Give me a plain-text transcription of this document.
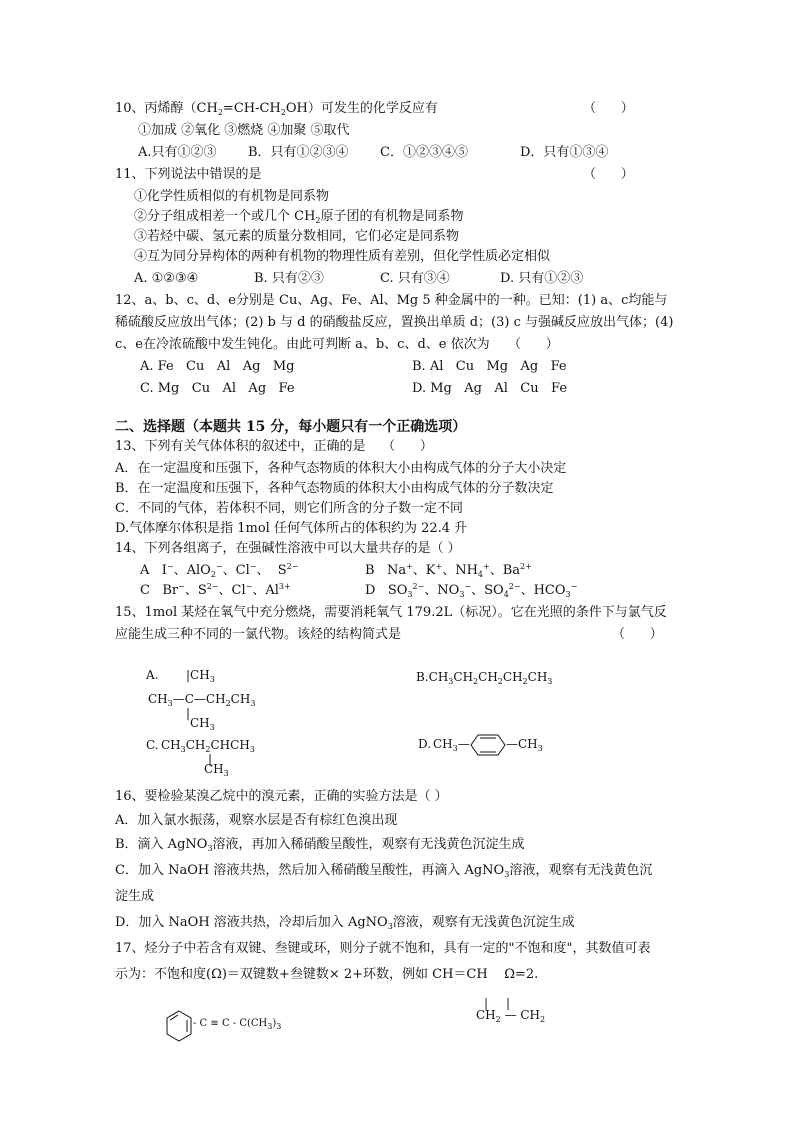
10、丙烯醇$(CH_2=CH-CH_2OH)$可发生的化学反应有	（      ）
①加成 ②氧化 ③燃烧 ④加聚 ⑤取代
A.只有①②③ B．只有①②③④ C．①②③④⑤	D．只有①③④
11、下列说法中错误的是	（      ）
①化学性质相似的有机物是同系物
②分子组成相差一个或几个 $CH_2$原子团的有机物是同系物
③若烃中碳、氢元素的质量分数相同，它们必定是同系物
④互为同分异构体的两种有机物的物理性质有差别，但化学性质必定相似
A. ①②③④	B. 只有②③	C. 只有③④	D. 只有①②③
12、a、b、c、d、e分别是 Cu、Ag、Fe、Al、Mg 5 种金属中的一种。已知：(1) a、c均能与
稀硫酸反应放出气体；(2) b 与 d 的硝酸盐反应，置换出单质 d；(3) c 与强碱反应放出气体；(4)
c、e在冷浓硫酸中发生钝化。由此可判断 a、b、c、d、e 依次为 （      ）
A. Fe   Cu   Al   Ag   Mg	B. Al   Cu   Mg   Ag   Fe
C. Mg   Cu   Al   Ag   Fe	D. Mg   Ag   Al   Cu   Fe
二、选择题（本题共 15 分，每小题只有一个正确选项）
13、下列有关气体体积的叙述中，正确的是    （      ）
A．在一定温度和压强下，各种气态物质的体积大小由构成气体的分子大小决定
B．在一定温度和压强下，各种气态物质的体积大小由构成气体的分子数决定
C．不同的气体，若体积不同，则它们所含的分子数一定不同
D.气体摩尔体积是指 1mol 任何气体所占的体积约为 22.4 升
14、下列各组离子，在强碱性溶液中可以大量共存的是（ ）
A   I−、AlO$_2$−、Cl−、  $S^{2-}$	B   Na+、K+、$NH_4^+$、$Ba^{2+}$
C   Br−、$S^{2-}$、Cl−、$Al^{3+}$	D   $SO_3^{2-}$、$NO_3^-$、$SO_4^{2-}$、$HCO_3^-$
15、1mol 某烃在氧气中充分燃烧，需要消耗氧气 179.2L（标况）。它在光照的条件下与氯气反
应能生成三种不同的一氯代物。该烃的结构简式是	（      ）
A. $|CH_3$
$CH_3—C—CH_2CH_3$
|
$CH_3$
$B.CH_3CH_2CH_2CH_2CH_3$
C. $CH_3CH_2CHCH_3$
|
$CH_3$
D. $CH_3—$	$—CH_3$
16、要检验某溴乙烷中的溴元素，正确的实验方法是（ ）
A．加入氯水振荡，观察水层是否有棕红色溴出现
B．滴入 AgNO$_3$溶液，再加入稀硝酸呈酸性，观察有无浅黄色沉淀生成
C．加入 NaOH 溶液共热，然后加入稀硝酸呈酸性，再滴入 AgNO$_3$溶液，观察有无浅黄色沉
淀生成
D．加入 NaOH 溶液共热，冷却后加入 AgNO$_3$溶液，观察有无浅黄色沉淀生成
17、烃分子中若含有双键、叁键或环，则分子就不饱和，具有一定的"不饱和度"，其数值可表
示为：不饱和度(Ω)＝双键数+叁键数× 2+环数，例如 CH＝CH    Ω=2.
| |
$CH_2$ — $CH_2$
- $C \equiv C - C(CH_3)_3$
